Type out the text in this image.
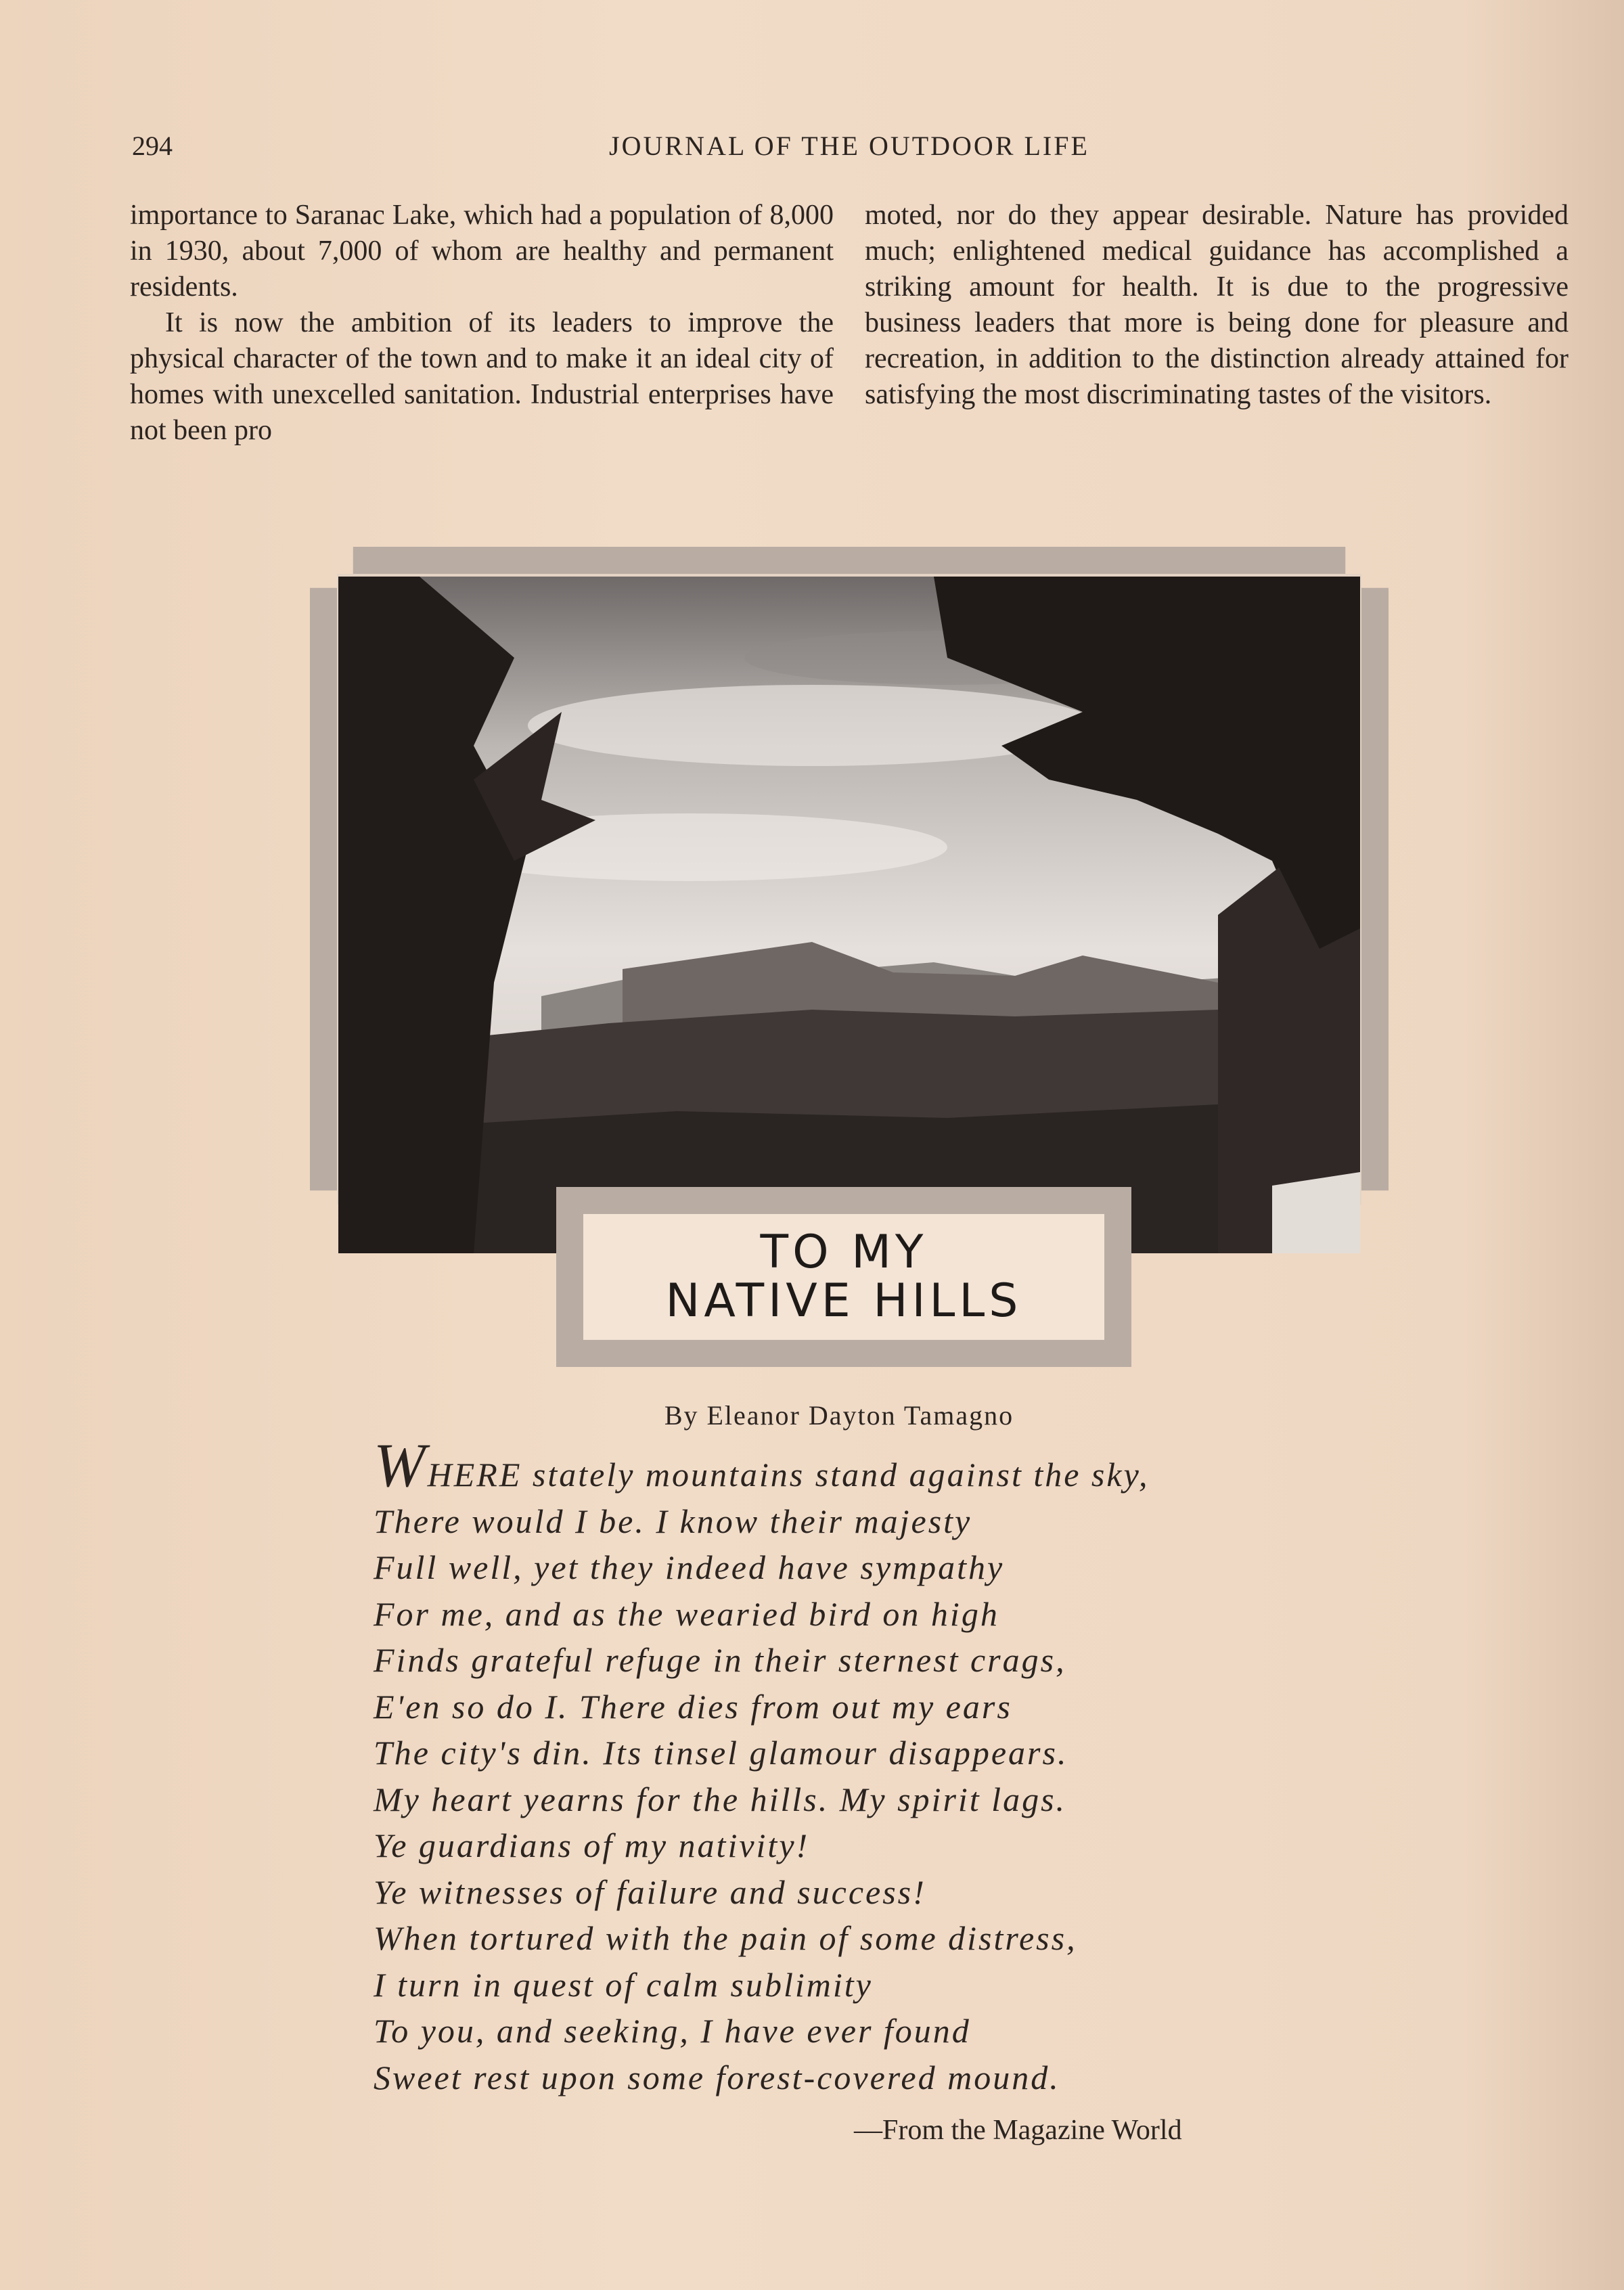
294	JOURNAL OF THE OUTDOOR LIFE

importance to Saranac Lake, which had a population of 8,000 in 1930, about 7,000 of whom are healthy and permanent residents.

It is now the ambition of its leaders to improve the physical character of the town and to make it an ideal city of homes with unexcelled sanitation. Industrial enterprises have not been pro

moted, nor do they appear desirable. Nature has provided much; enlightened medical guidance has accomplished a striking amount for health. It is due to the progressive business leaders that more is being done for pleasure and recreation, in addition to the distinction already attained for satisfying the most discriminating tastes of the visitors.

TO MY
NATIVE HILLS
By Eleanor Dayton Tamagno
WHERE stately mountains stand against the sky,
There would I be. I know their majesty
Full well, yet they indeed have sympathy
For me, and as the wearied bird on high
Finds grateful refuge in their sternest crags,
E'en so do I. There dies from out my ears
The city's din. Its tinsel glamour disappears.
My heart yearns for the hills. My spirit lags.
Ye guardians of my nativity!
Ye witnesses of failure and success!
When tortured with the pain of some distress,
I turn in quest of calm sublimity
To you, and seeking, I have ever found
Sweet rest upon some forest-covered mound.
—From the Magazine World
